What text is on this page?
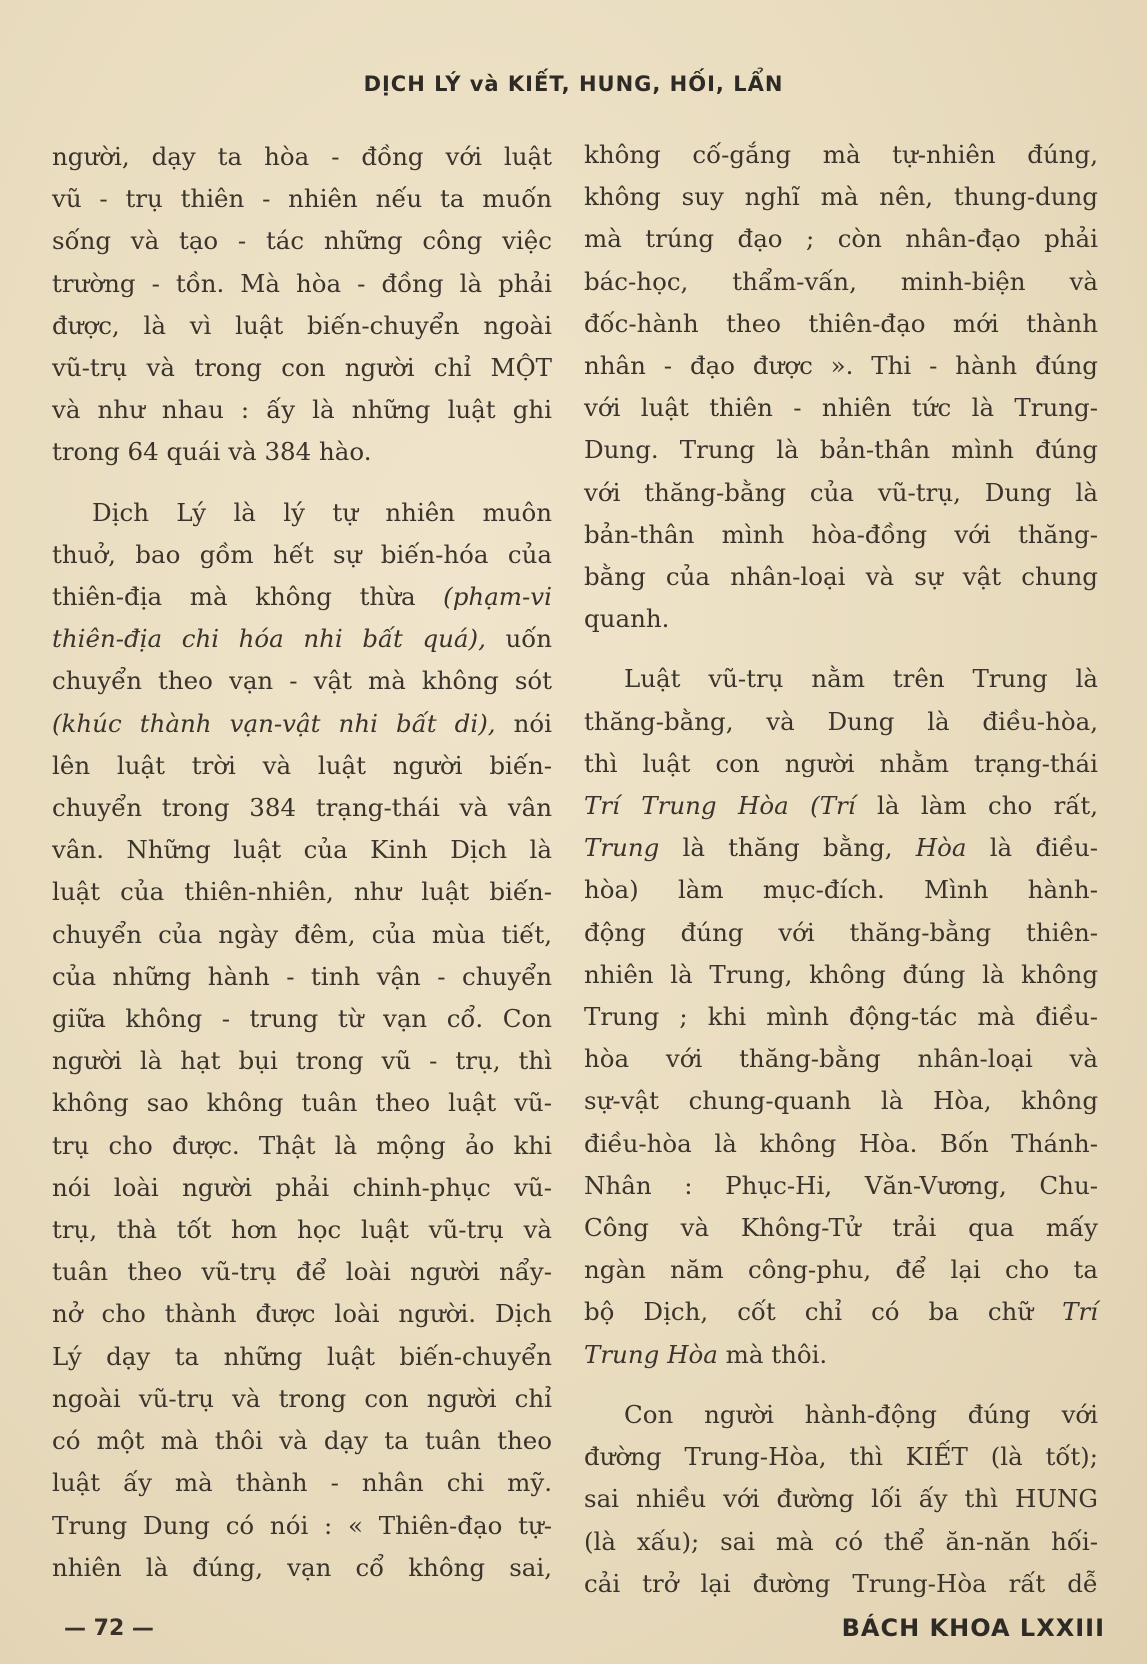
DỊCH LÝ và KIẾT, HUNG, HỐI, LẨN
người, dạy ta hòa - đồng với luật
vũ - trụ thiên - nhiên nếu ta muốn
sống và tạo - tác những công việc
trường - tồn. Mà hòa - đồng là phải
được, là vì luật biến-chuyển ngoài
vũ-trụ và trong con người chỉ MỘT
và như nhau : ấy là những luật ghi
trong 64 quái và 384 hào.
Dịch Lý là lý tự nhiên muôn
thuở, bao gồm hết sự biến-hóa của
thiên-địa mà không thừa (phạm-vi
thiên-địa chi hóa nhi bất quá), uốn
chuyển theo vạn - vật mà không sót
(khúc thành vạn-vật nhi bất di), nói
lên luật trời và luật người biến-
chuyển trong 384 trạng-thái và vân
vân. Những luật của Kinh Dịch là
luật của thiên-nhiên, như luật biến-
chuyển của ngày đêm, của mùa tiết,
của những hành - tinh vận - chuyển
giữa không - trung từ vạn cổ. Con
người là hạt bụi trong vũ - trụ, thì
không sao không tuân theo luật vũ-
trụ cho được. Thật là mộng ảo khi
nói loài người phải chinh-phục vũ-
trụ, thà tốt hơn học luật vũ-trụ và
tuân theo vũ-trụ để loài người nẩy-
nở cho thành được loài người. Dịch
Lý dạy ta những luật biến-chuyển
ngoài vũ-trụ và trong con người chỉ
có một mà thôi và dạy ta tuân theo
luật ấy mà thành - nhân chi mỹ.
Trung Dung có nói : « Thiên-đạo tự-
nhiên là đúng, vạn cổ không sai,
không cố-gắng mà tự-nhiên đúng,
không suy nghĩ mà nên, thung-dung
mà trúng đạo ; còn nhân-đạo phải
bác-học, thẩm-vấn, minh-biện và
đốc-hành theo thiên-đạo mới thành
nhân - đạo được ». Thi - hành đúng
với luật thiên - nhiên tức là Trung-
Dung. Trung là bản-thân mình đúng
với thăng-bằng của vũ-trụ, Dung là
bản-thân mình hòa-đồng với thăng-
bằng của nhân-loại và sự vật chung
quanh.
Luật vũ-trụ nằm trên Trung là
thăng-bằng, và Dung là điều-hòa,
thì luật con người nhằm trạng-thái
Trí Trung Hòa (Trí là làm cho rất,
Trung là thăng bằng, Hòa là điều-
hòa) làm mục-đích. Mình hành-
động đúng với thăng-bằng thiên-
nhiên là Trung, không đúng là không
Trung ; khi mình động-tác mà điều-
hòa với thăng-bằng nhân-loại và
sự-vật chung-quanh là Hòa, không
điều-hòa là không Hòa. Bốn Thánh-
Nhân : Phục-Hi, Văn-Vương, Chu-
Công và Không-Tử trải qua mấy
ngàn năm công-phu, để lại cho ta
bộ Dịch, cốt chỉ có ba chữ Trí
Trung Hòa mà thôi.
Con người hành-động đúng với
đường Trung-Hòa, thì KIẾT (là tốt);
sai nhiều với đường lối ấy thì HUNG
(là xấu); sai mà có thể ăn-năn hối-
cải trở lại đường Trung-Hòa rất dễ
— 72 —	BÁCH KHOA LXXIII
